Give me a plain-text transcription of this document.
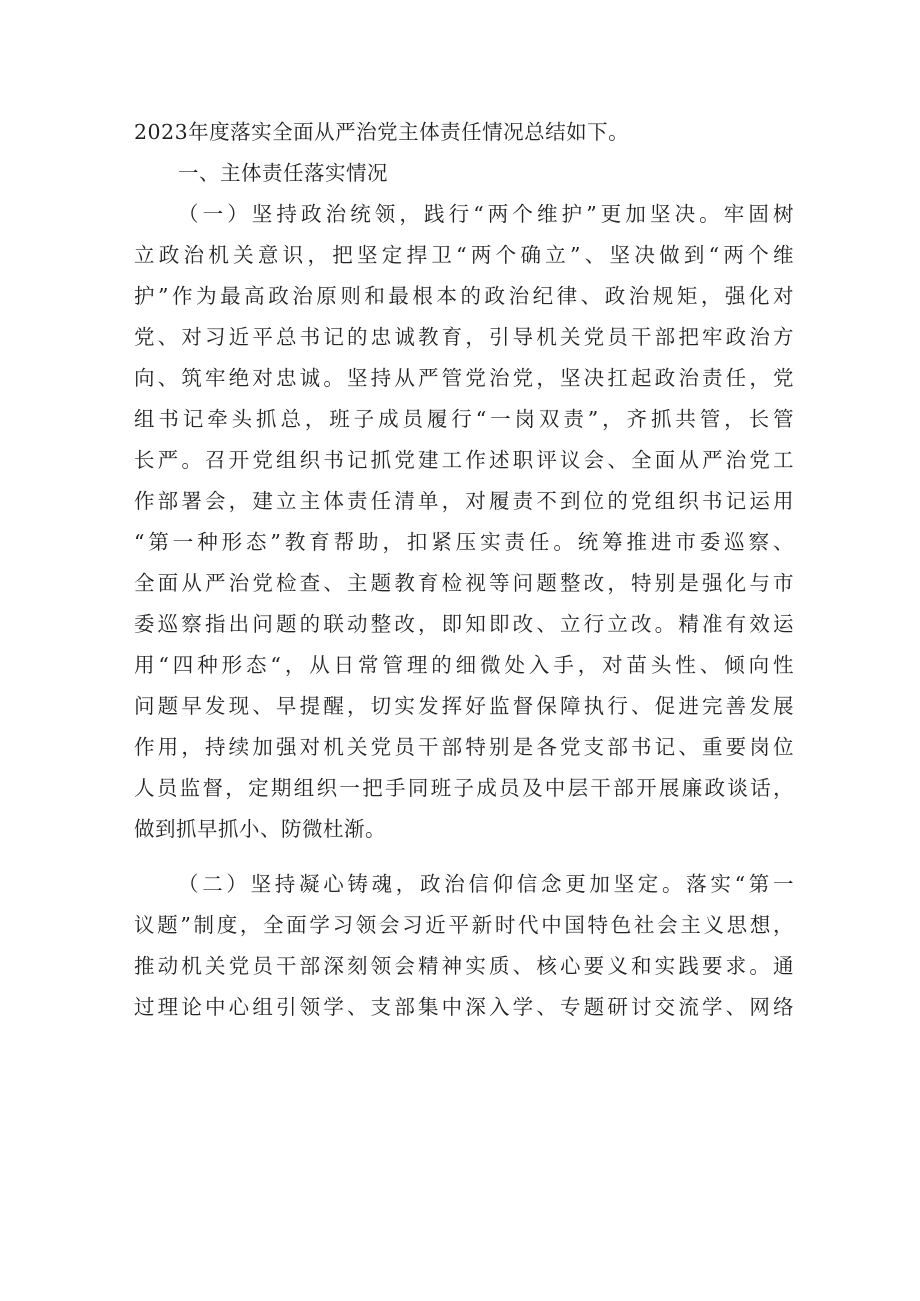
2023年度落实全面从严治党主体责任情况总结如下。
一、主体责任落实情况
（一）坚持政治统领，践行“两个维护”更加坚决。牢固树
立政治机关意识，把坚定捍卫“两个确立”、坚决做到“两个维
护”作为最高政治原则和最根本的政治纪律、政治规矩，强化对
党、对习近平总书记的忠诚教育，引导机关党员干部把牢政治方
向、筑牢绝对忠诚。坚持从严管党治党，坚决扛起政治责任，党
组书记牵头抓总，班子成员履行“一岗双责”，齐抓共管，长管
长严。召开党组织书记抓党建工作述职评议会、全面从严治党工
作部署会，建立主体责任清单，对履责不到位的党组织书记运用
“第一种形态”教育帮助，扣紧压实责任。统筹推进市委巡察、
全面从严治党检查、主题教育检视等问题整改，特别是强化与市
委巡察指出问题的联动整改，即知即改、立行立改。精准有效运
用“四种形态“，从日常管理的细微处入手，对苗头性、倾向性
问题早发现、早提醒，切实发挥好监督保障执行、促进完善发展
作用，持续加强对机关党员干部特别是各党支部书记、重要岗位
人员监督，定期组织一把手同班子成员及中层干部开展廉政谈话，
做到抓早抓小、防微杜渐。
（二）坚持凝心铸魂，政治信仰信念更加坚定。落实“第一
议题”制度，全面学习领会习近平新时代中国特色社会主义思想，
推动机关党员干部深刻领会精神实质、核心要义和实践要求。通
过理论中心组引领学、支部集中深入学、专题研讨交流学、网络
